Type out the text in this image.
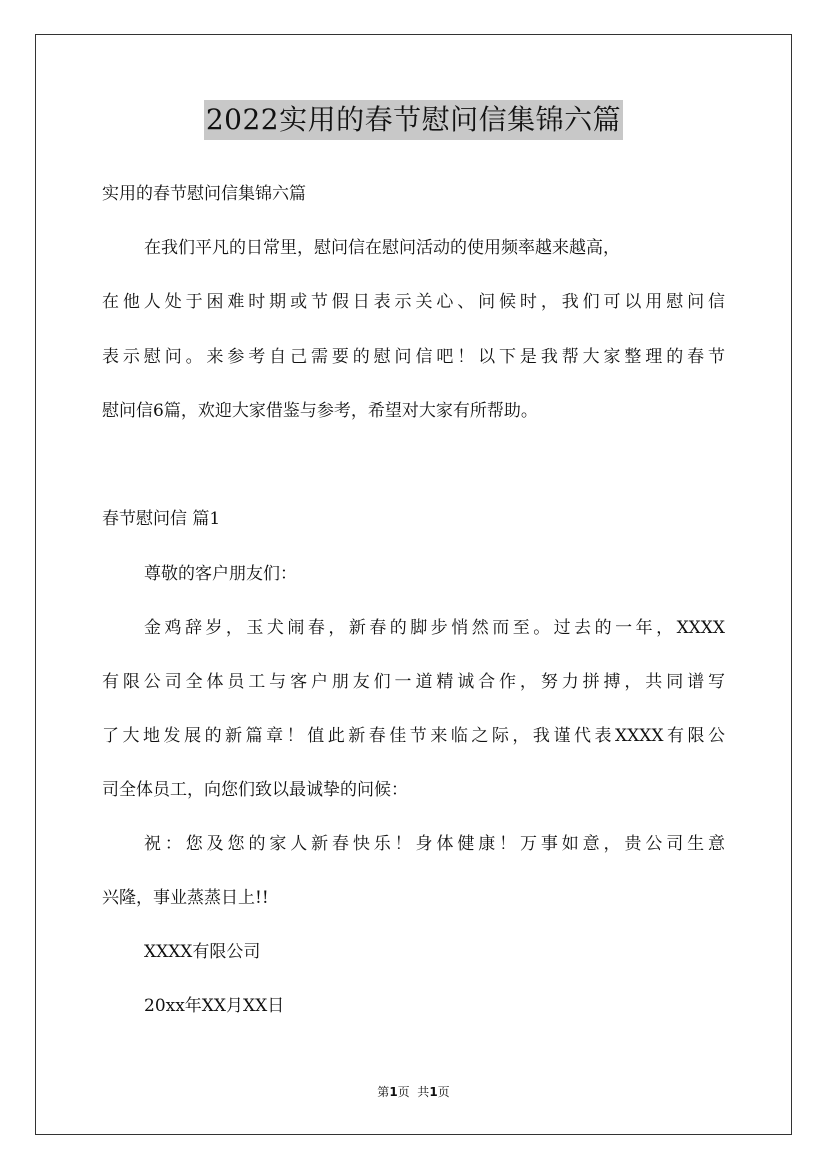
2022实用的春节慰问信集锦六篇
实用的春节慰问信集锦六篇
在我们平凡的日常里，慰问信在慰问活动的使用频率越来越高，
在他人处于困难时期或节假日表示关心、问候时，我们可以用慰问信
表示慰问。来参考自己需要的慰问信吧！以下是我帮大家整理的春节
慰问信6篇，欢迎大家借鉴与参考，希望对大家有所帮助。
春节慰问信 篇1
尊敬的客户朋友们：
金鸡辞岁，玉犬闹春，新春的脚步悄然而至。过去的一年，XXXX
有限公司全体员工与客户朋友们一道精诚合作，努力拼搏，共同谱写
了大地发展的新篇章！值此新春佳节来临之际，我谨代表XXXX有限公
司全体员工，向您们致以最诚挚的问候：
祝：您及您的家人新春快乐！身体健康！万事如意，贵公司生意
兴隆，事业蒸蒸日上!!
XXXX有限公司
20xx年XX月XX日
第1页  共1页
